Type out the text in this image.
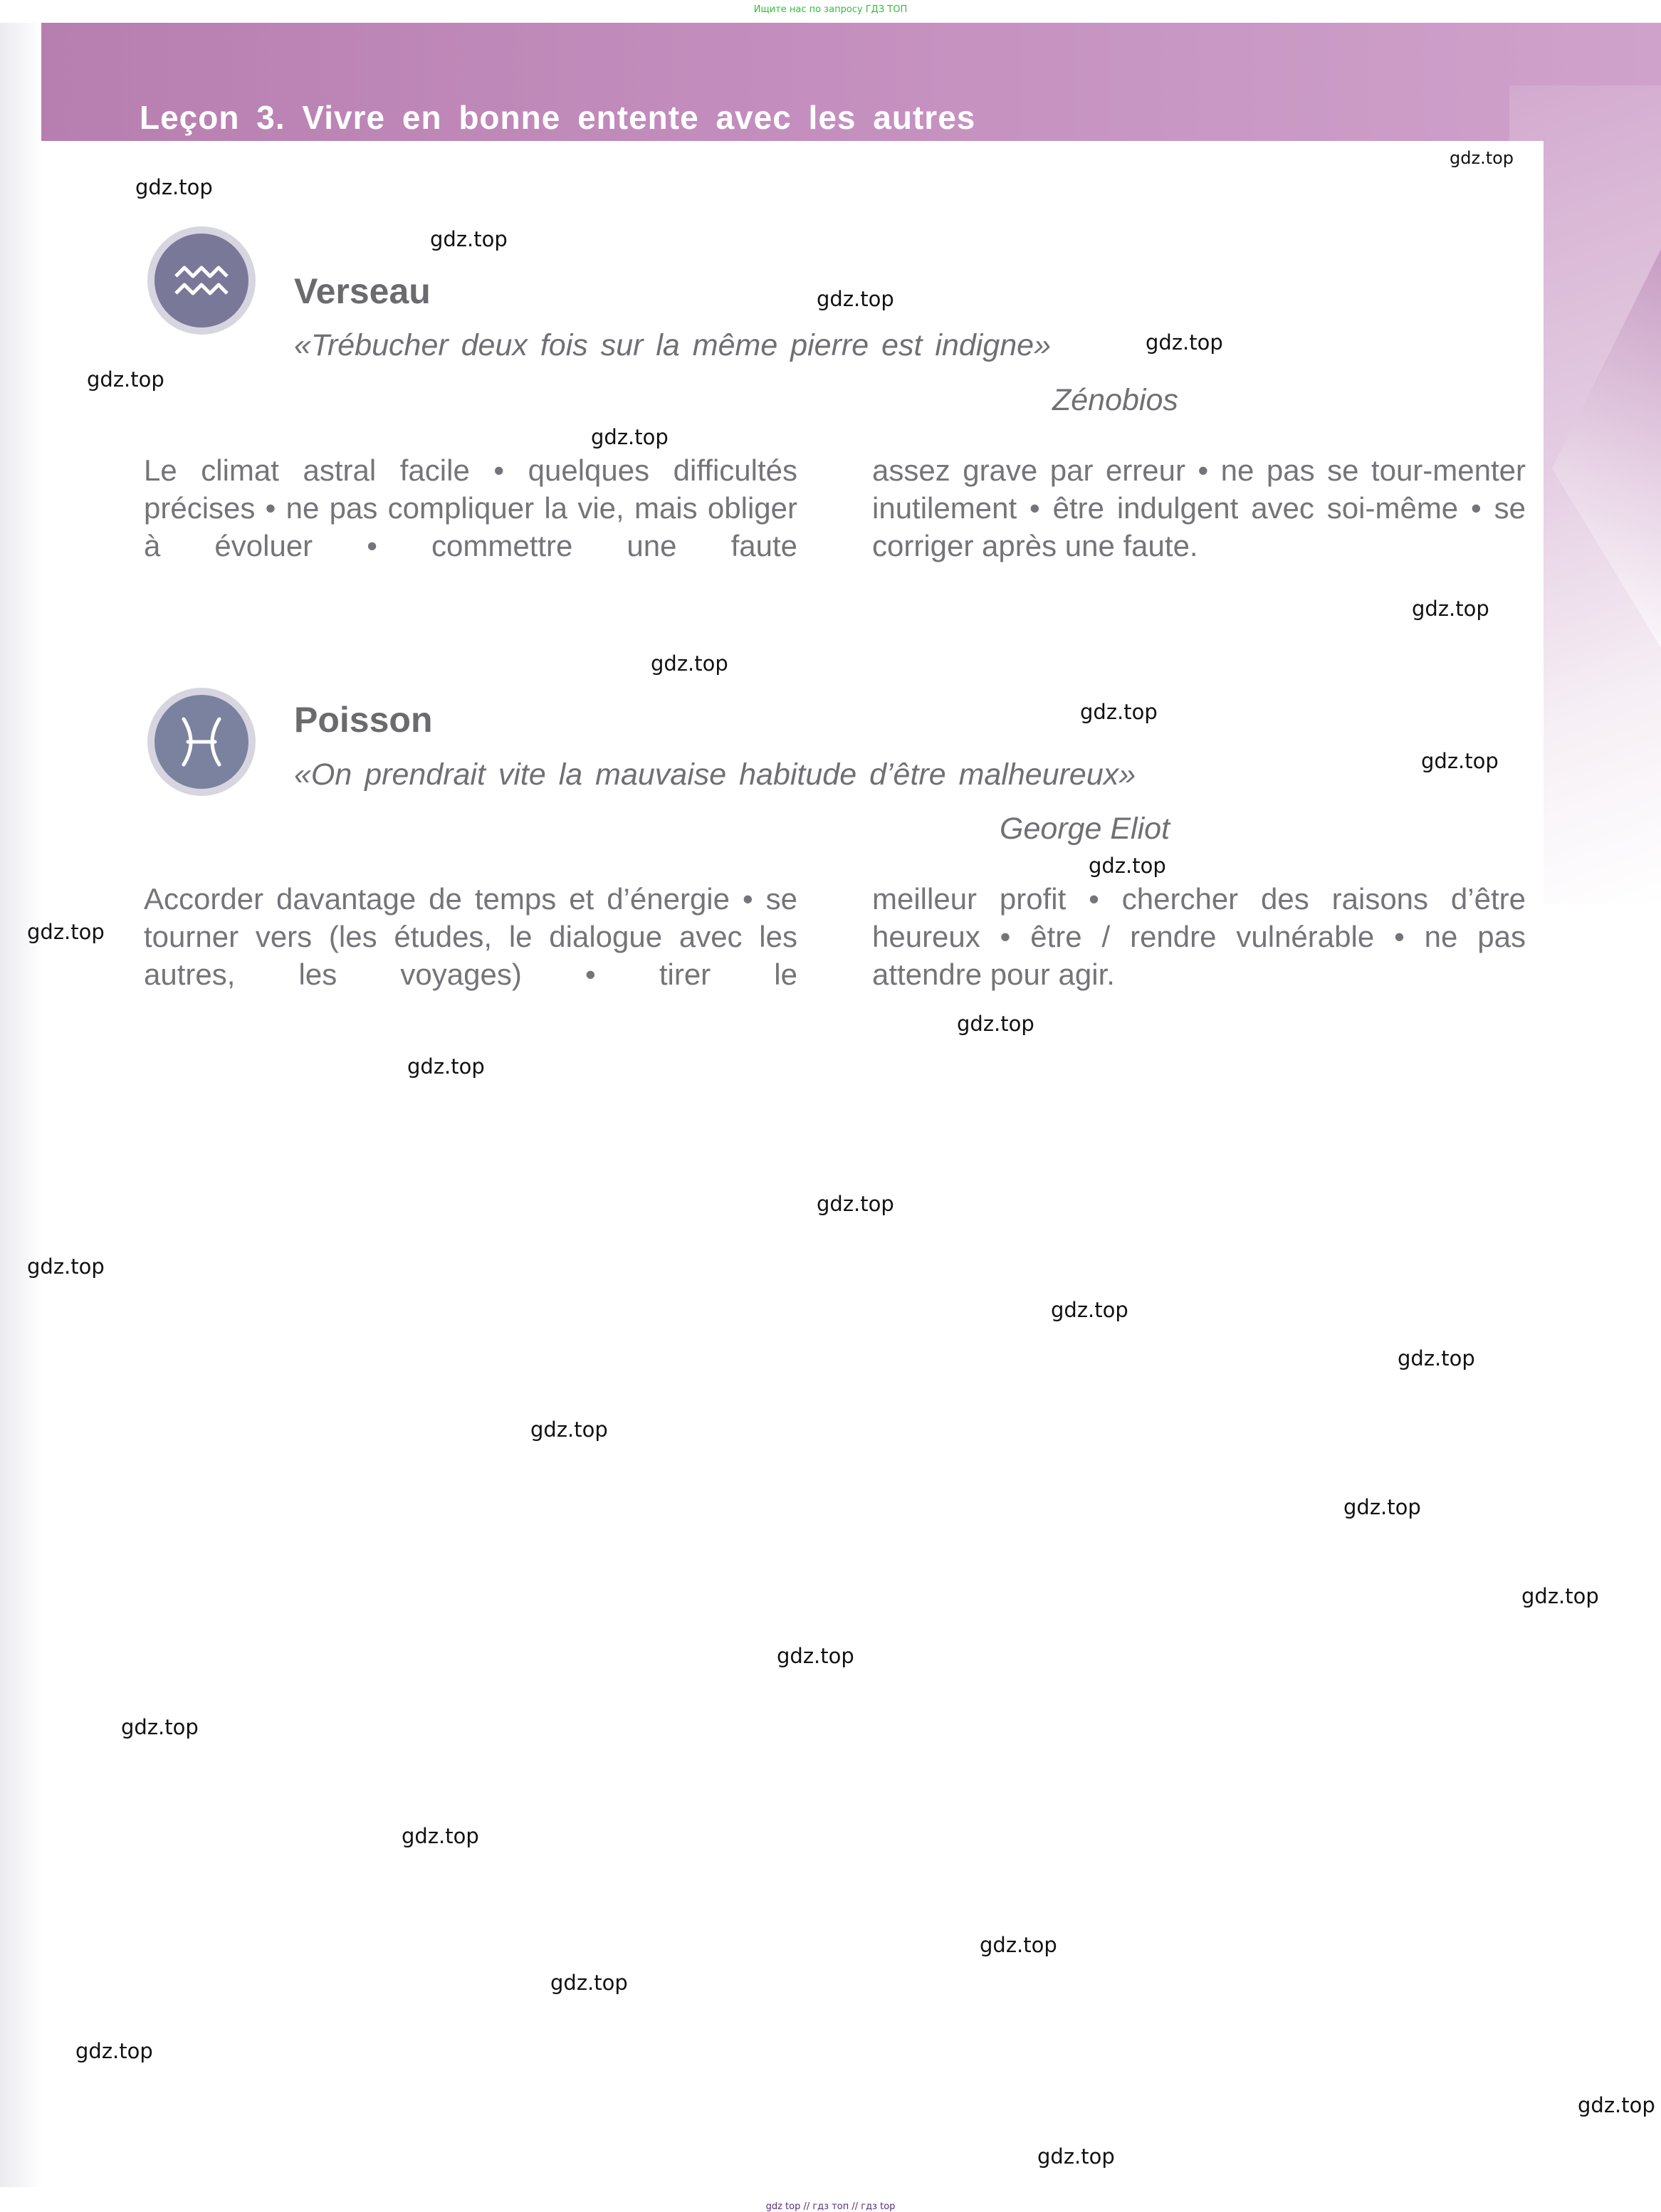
Ищите нас по запросу ГДЗ ТОП
Leçon 3. Vivre en bonne entente avec les autres
Verseau
«Trébucher deux fois sur la même pierre est indigne»
Zénobios
Le climat astral facile • quelques difficultés précises • ne pas compliquer la vie, mais obliger à évoluer • commettre une faute
assez grave par erreur • ne pas se tour-menter inutilement • être indulgent avec soi-même • se corriger après une faute.
Poisson
«On prendrait vite la mauvaise habitude d’être malheureux»
George Eliot
Accorder davantage de temps et d’énergie • se tourner vers (les études, le dialogue avec les autres, les voyages) • tirer le
meilleur profit • chercher des raisons d’être heureux • être / rendre vulnérable • ne pas attendre pour agir.
gdz.top
gdz.top
gdz.top
gdz.top
gdz.top
gdz.top
gdz.top
gdz.top
gdz.top
gdz.top
gdz.top
gdz.top
gdz.top
gdz.top
gdz.top
gdz.top
gdz.top
gdz.top
gdz.top
gdz.top
gdz.top
gdz.top
gdz.top
gdz.top
gdz.top
gdz.top
gdz.top
gdz.top
gdz.top
gdz.top
gdz top // гдз топ // гдз top
